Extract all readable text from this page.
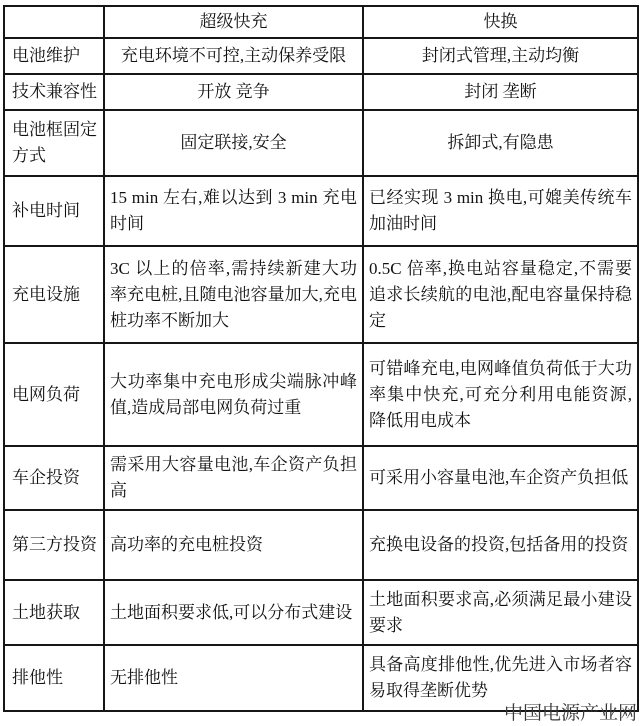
	超级快充	快换
电池维护	充电环境不可控,主动保养受限	封闭式管理,主动均衡
技术兼容性	开放 竞争	封闭 垄断
电池框固定方式	固定联接,安全	拆卸式,有隐患
补电时间	15 min 左右,难以达到 3 min 充电时间	已经实现 3 min 换电,可媲美传统车加油时间
充电设施	3C 以上的倍率,需持续新建大功率充电桩,且随电池容量加大,充电桩功率不断加大	0.5C 倍率,换电站容量稳定,不需要追求长续航的电池,配电容量保持稳定
电网负荷	大功率集中充电形成尖端脉冲峰值,造成局部电网负荷过重	可错峰充电,电网峰值负荷低于大功率集中快充,可充分利用电能资源,降低用电成本
车企投资	需采用大容量电池,车企资产负担高	可采用小容量电池,车企资产负担低
第三方投资	高功率的充电桩投资	充换电设备的投资,包括备用的投资
土地获取	土地面积要求低,可以分布式建设	土地面积要求高,必须满足最小建设要求
排他性	无排他性	具备高度排他性,优先进入市场者容易取得垄断优势
中国电源产业网
